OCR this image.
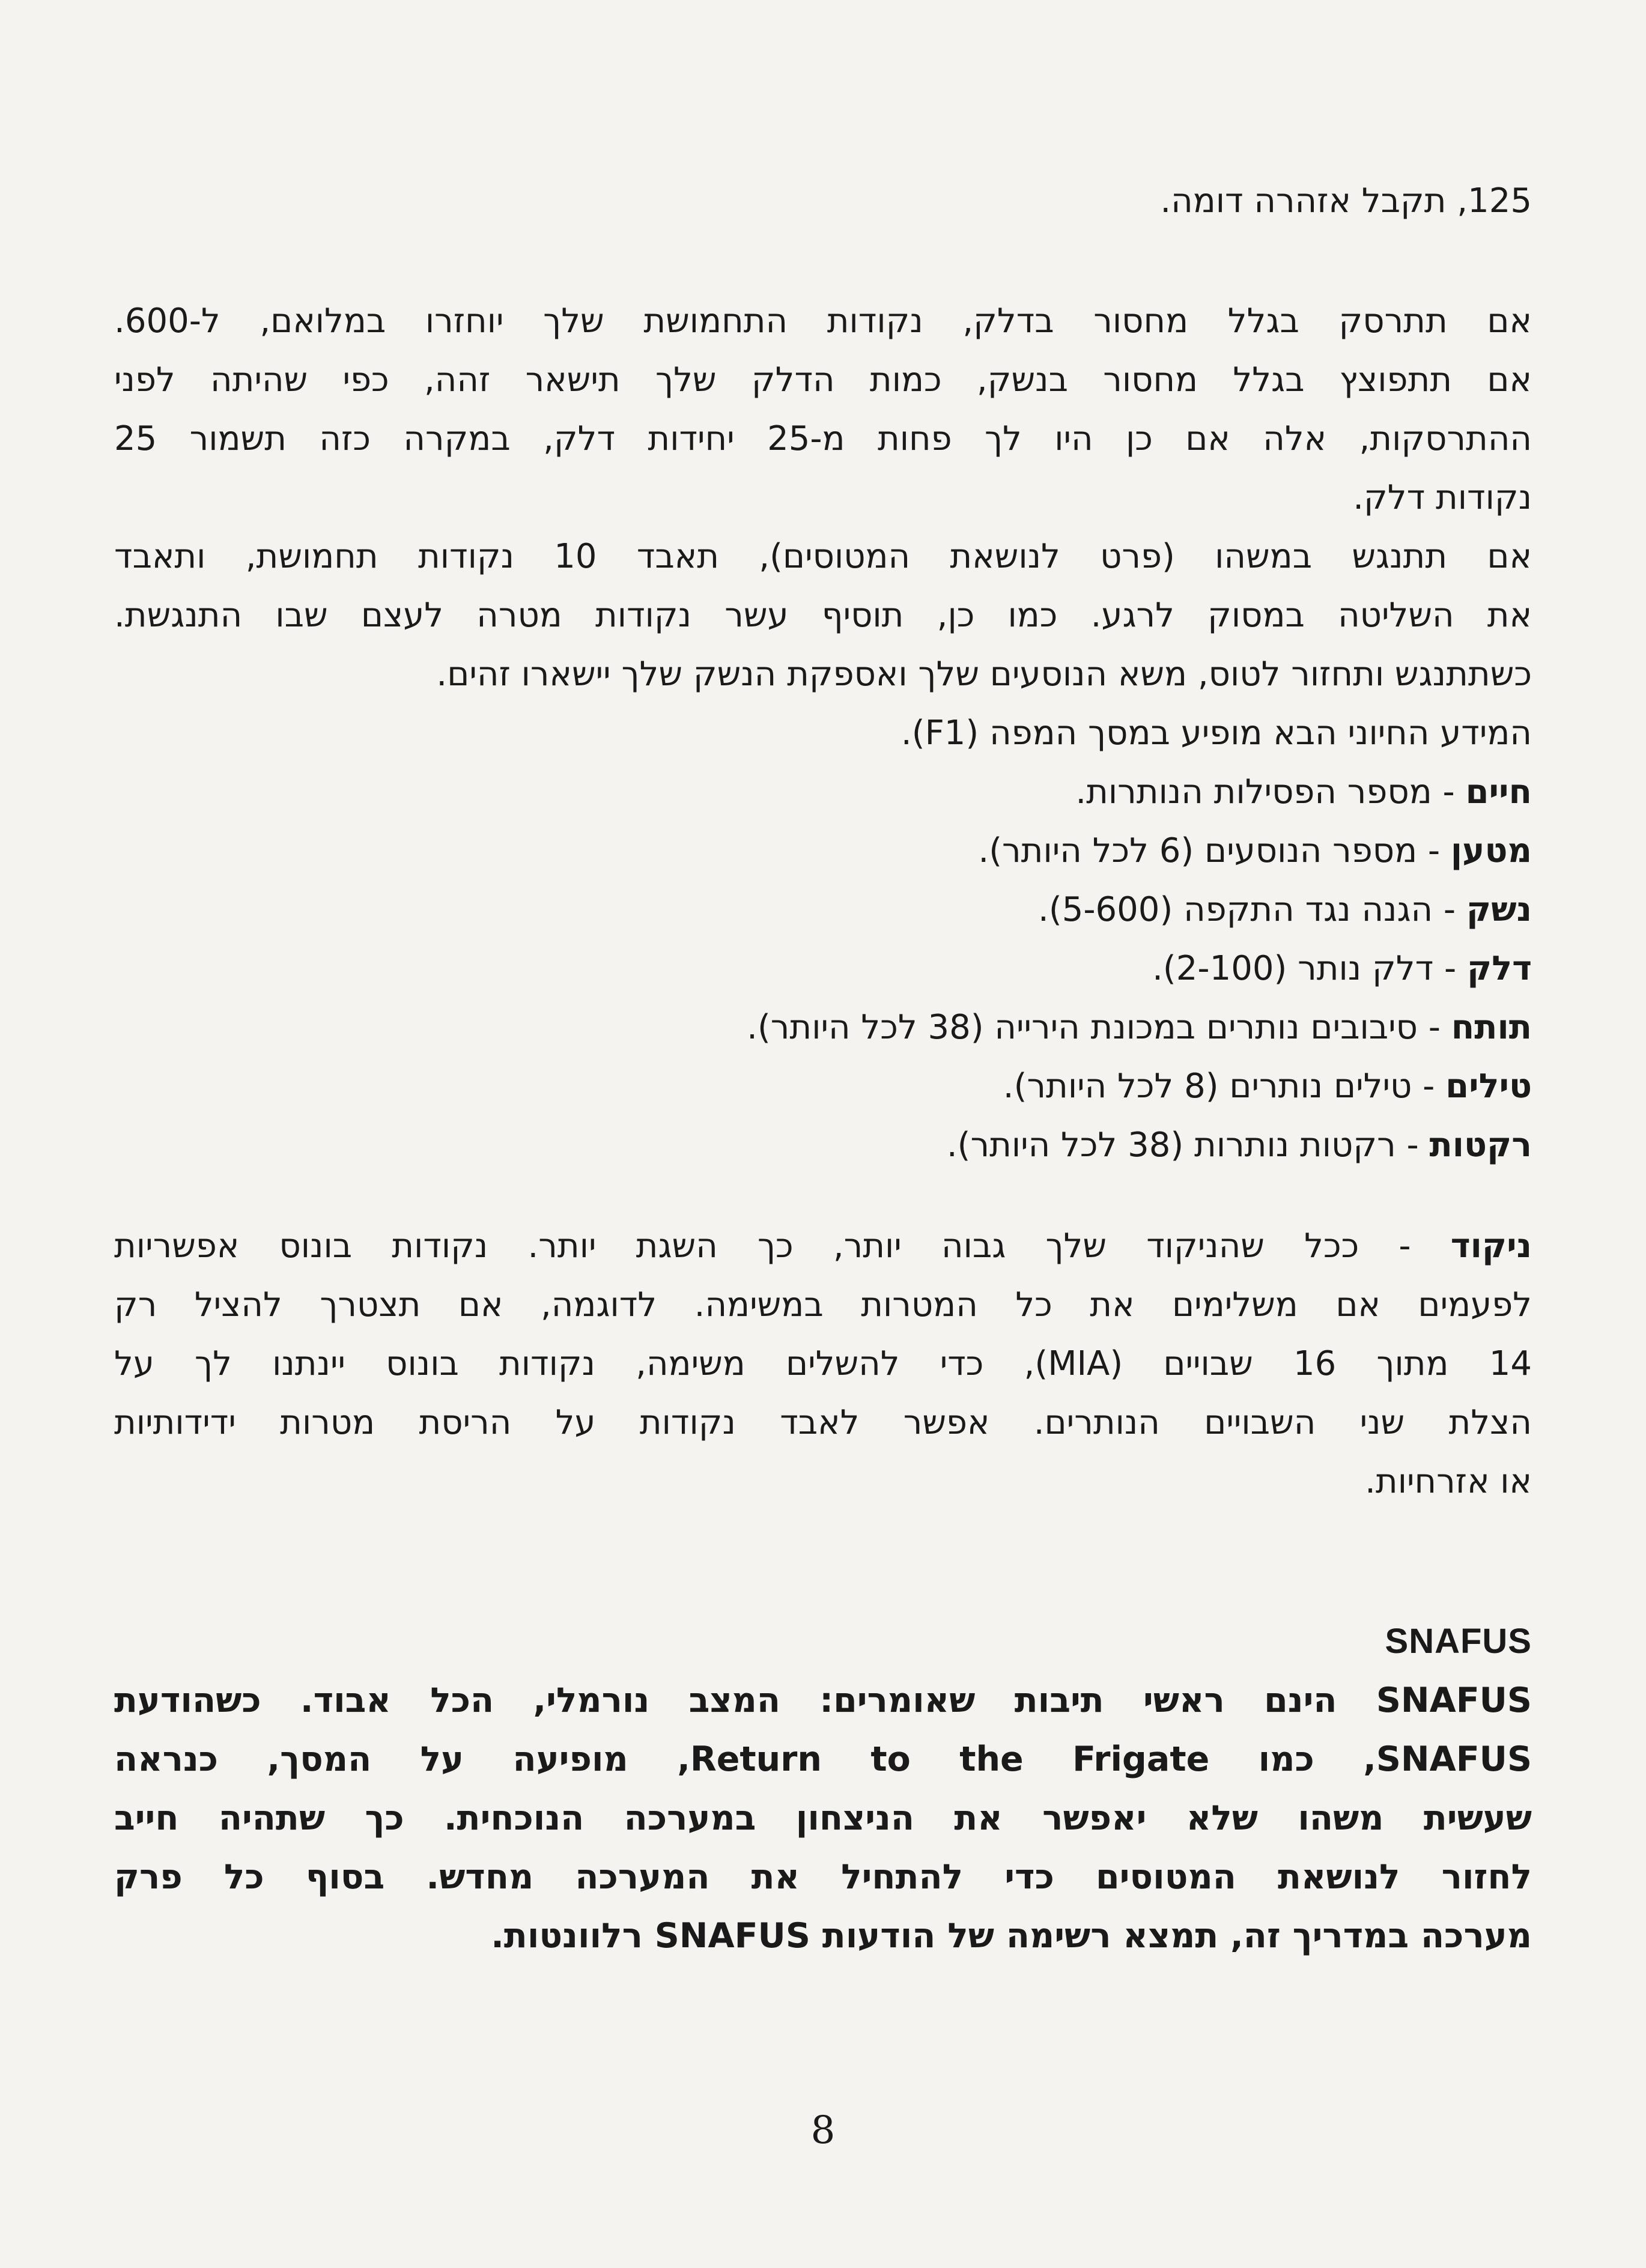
125, תקבל אזהרה דומה.
אם תתרסק בגלל מחסור בדלק, נקודות התחמושת שלך יוחזרו במלואם, ל-600.
אם תתפוצץ בגלל מחסור בנשק, כמות הדלק שלך תישאר זהה, כפי שהיתה לפני
ההתרסקות, אלה אם כן היו לך פחות מ-25 יחידות דלק, במקרה כזה תשמור 25
נקודות דלק.
אם תתנגש במשהו (פרט לנושאת המטוסים), תאבד 10 נקודות תחמושת, ותאבד
את השליטה במסוק לרגע. כמו כן, תוסיף עשר נקודות מטרה לעצם שבו התנגשת.
כשתתנגש ותחזור לטוס, משא הנוסעים שלך ואספקת הנשק שלך יישארו זהים.
המידע החיוני הבא מופיע במסך המפה (F1).
חיים - מספר הפסילות הנותרות.
מטען - מספר הנוסעים (6 לכל היותר).
נשק - הגנה נגד התקפה (5-600).
דלק - דלק נותר (2-100).
תותח - סיבובים נותרים במכונת הירייה (38 לכל היותר).
טילים - טילים נותרים (8 לכל היותר).
רקטות - רקטות נותרות (38 לכל היותר).
ניקוד - ככל שהניקוד שלך גבוה יותר, כך השגת יותר. נקודות בונוס אפשריות
לפעמים אם משלימים את כל המטרות במשימה. לדוגמה, אם תצטרך להציל רק
14 מתוך 16 שבויים (MIA), כדי להשלים משימה, נקודות בונוס יינתנו לך על
הצלת שני השבויים הנותרים. אפשר לאבד נקודות על הריסת מטרות ידידותיות
או אזרחיות.
SNAFUS
SNAFUS הינם ראשי תיבות שאומרים: המצב נורמלי, הכל אבוד. כשהודעת
SNAFUS, כמו Return to the Frigate, מופיעה על המסך, כנראה
שעשית משהו שלא יאפשר את הניצחון במערכה הנוכחית. כך שתהיה חייב
לחזור לנושאת המטוסים כדי להתחיל את המערכה מחדש. בסוף כל פרק
מערכה במדריך זה, תמצא רשימה של הודעות SNAFUS רלוונטות.
8
